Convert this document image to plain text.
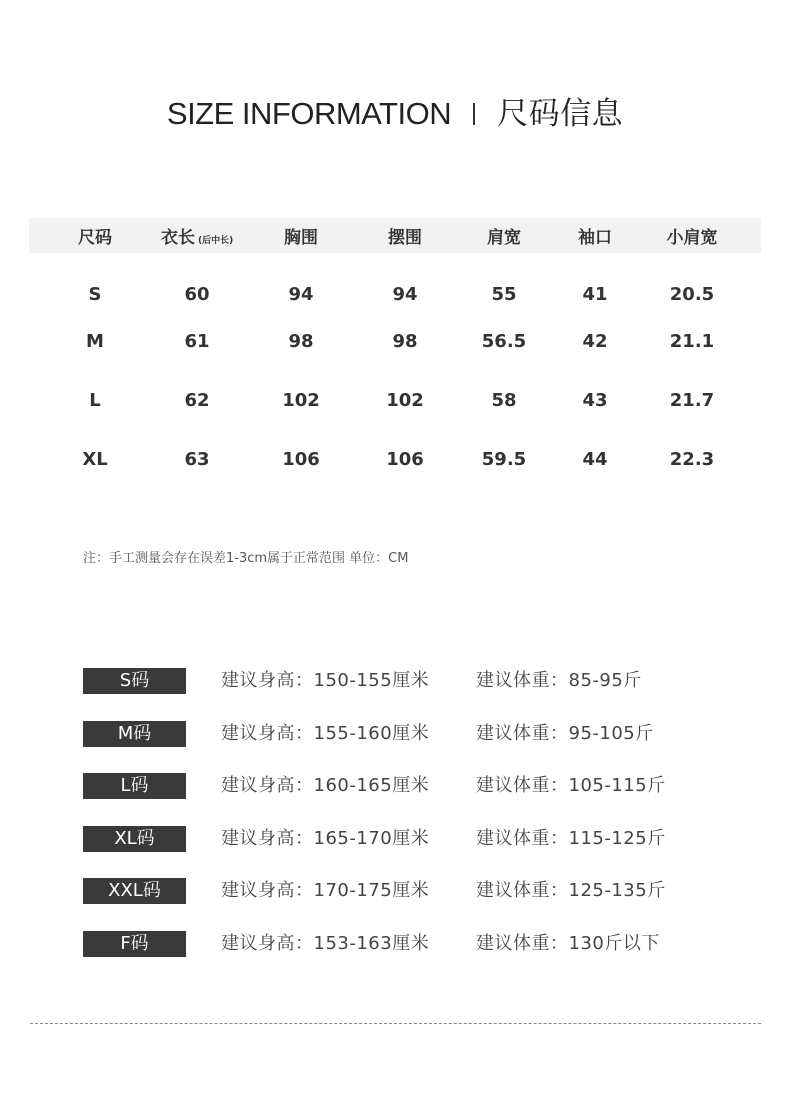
SIZE INFORMATION 尺码信息
尺码	衣长 (后中长)	胸围	摆围	肩宽	袖口	小肩宽
S	60	94	94	55	41	20.5
M	61	98	98	56.5	42	21.1
L	62	102	102	58	43	21.7
XL	63	106	106	59.5	44	22.3
注：手工测量会存在误差1-3cm属于正常范围 单位：CM
S码	建议身高：150-155厘米	建议体重：85-95斤
M码	建议身高：155-160厘米	建议体重：95-105斤
L码	建议身高：160-165厘米	建议体重：105-115斤
XL码	建议身高：165-170厘米	建议体重：115-125斤
XXL码	建议身高：170-175厘米	建议体重：125-135斤
F码	建议身高：153-163厘米	建议体重：130斤以下
